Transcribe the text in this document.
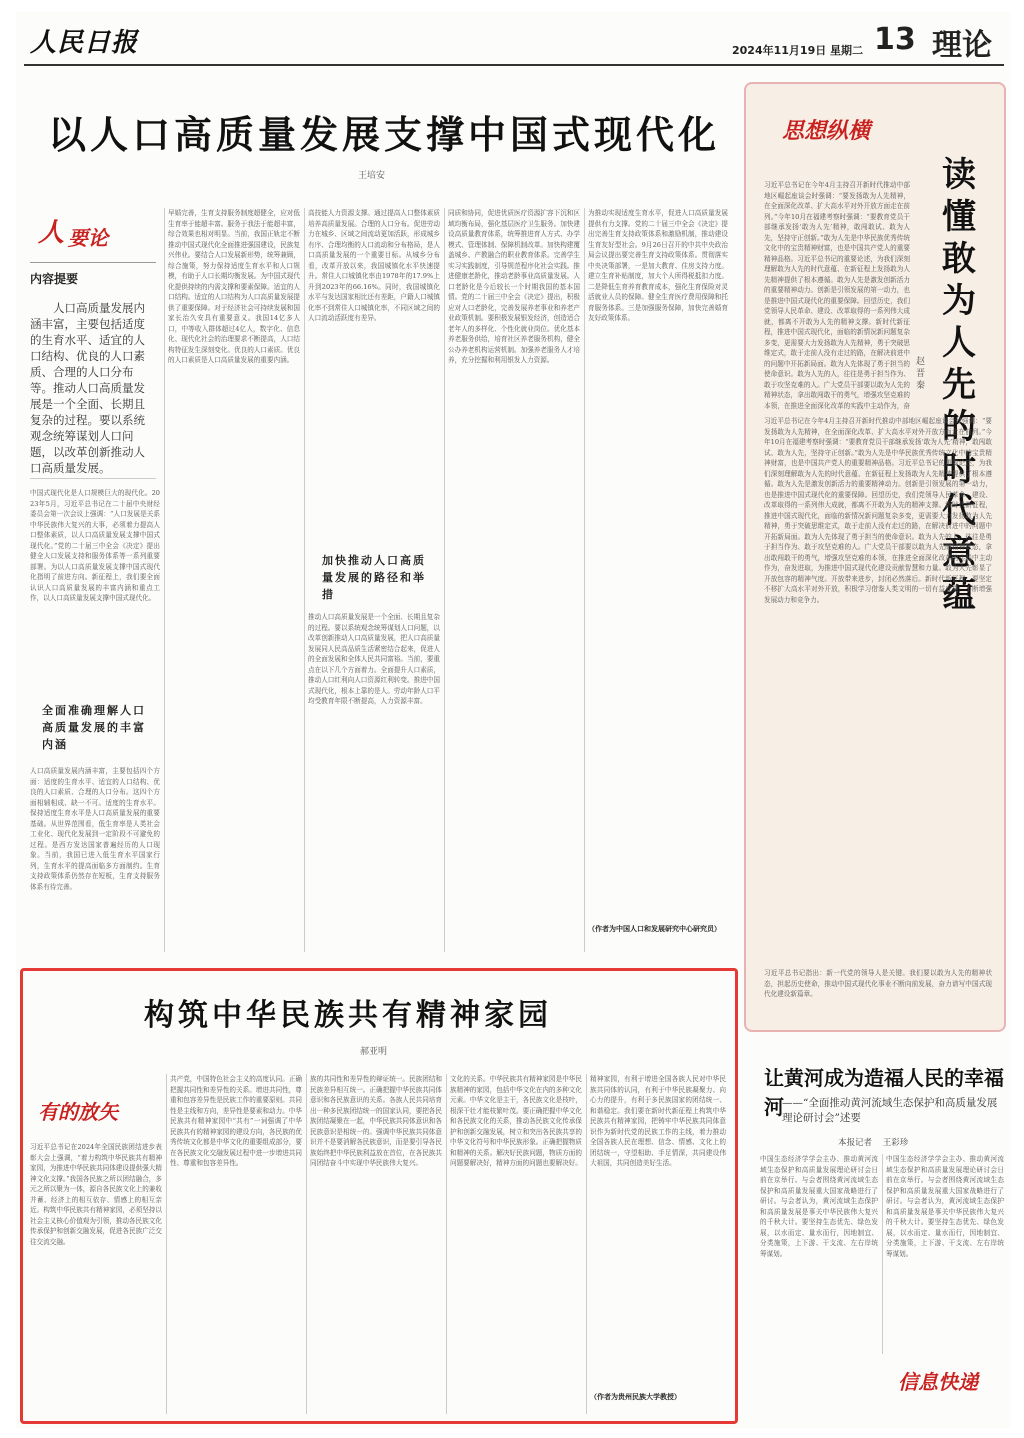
人民日报	2024年11月19日 星期二 13 理论
以人口高质量发展支撑中国式现代化
王培安
人 要论
内容提要
人口高质量发展内涵丰富，主要包括适度的生育水平、适宜的人口结构、优良的人口素质、合理的人口分布等。推动人口高质量发展是一个全面、长期且复杂的过程。要以系统观念统筹谋划人口问题，以改革创新推动人口高质量发展。
中国式现代化是人口规模巨大的现代化。2023年5月，习近平总书记在二十届中央财经委员会第一次会议上强调：“人口发展是关系中华民族伟大复兴的大事，必须着力提高人口整体素质，以人口高质量发展支撑中国式现代化。”党的二十届三中全会《决定》提出健全人口发展支持和服务体系等一系列重要部署。为以人口高质量发展支撑中国式现代化指明了前进方向。新征程上，我们要全面认识人口高质量发展的丰富内涵和重点工作，以人口高质量发展支撑中国式现代化。
全面准确理解人口高质量发展的丰富内涵
人口高质量发展内涵丰富，主要包括四个方面：适度的生育水平、适宜的人口结构、优良的人口素质、合理的人口分布。这四个方面相辅相成、缺一不可。适度的生育水平。保持适度生育水平是人口高质量发展的重要基础。从世界范围看，低生育率是人类社会工业化、现代化发展到一定阶段不可避免的过程。是西方发达国家普遍经历的人口现象。当前，我国已进入低生育水平国家行列，生育水平的提高面临多方面制约。生育支持政策体系仍然存在短板，生育支持服务体系有待完善。
早婚完善，生育支持服务制度超健全，应对低生育率于能超丰富。服务于我法于能超丰富，综合效果也相对明显。当前，我国正轨定不断推动中国式现代化全面推进强国建设，民族复兴伟业。要结合人口发展新形势，统筹兼顾，综合施策，努力保持适度生育水平和人口规模，有助于人口长期均衡发展。为中国式现代化提供持续的内需支撑和要素保障。适宜的人口结构。适宜的人口结构为人口高质量发展提供了重要保障。对于经济社会可持续发展和国家长治久安具有重要意义。我国14亿多人口，中等收入群体超过4亿人，数字化、信息化、现代化社会的治理要求不断提高，人口结构特征发生深刻变化。优良的人口素质。优良的人口素质是人口高质量发展的重要内涵。
高技能人力资源支撑。通过提高人口整体素质培养高质量发展。合理的人口分布。促进劳动力在城乡、区域之间流动更加活跃，形成城乡有序、合理均衡的人口流动和分布格局，是人口高质量发展的一个重要目标。从城乡分布看，改革开放以来，我国城镇化水平快速提升。常住人口城镇化率由1978年的17.9%上升到2023年的66.16%。同时，我国城镇化水平与发达国家相比还有差距，户籍人口城镇化率不到常住人口城镇化率，不同区域之间的人口流动活跃度有差异。
加快推动人口高质量发展的路径和举措
推动人口高质量发展是一个全面、长期且复杂的过程。要以系统观念统筹谋划人口问题，以改革创新推动人口高质量发展，把人口高质量发展同人民高品质生活紧密结合起来，促进人的全面发展和全体人民共同富裕。当前，要重点在以下几个方面着力。全面提升人口素质，推动人口红利向人口资源红利转变。推进中国式现代化，根本上靠的是人。劳动年龄人口平均受教育年限不断提高，人力资源丰富。
同质和协同，促进优质医疗资源扩容下沉和区域均衡布局，强化基层医疗卫生服务。加快建设高质量教育体系，统筹推进育人方式、办学模式、管理体制、保障机制改革。加快构建覆盖城乡、产教融合的职业教育体系。完善学生实习实践制度，引导规范程序化社会实践。推进健康老龄化，推动老龄事业高质量发展。人口老龄化是今后较长一个时期我国的基本国情。党的二十届三中全会《决定》提出，积极应对人口老龄化，完善发展养老事业和养老产业政策机制。要积极发展银发经济，创造适合老年人的多样化、个性化就业岗位。优化基本养老服务供给，培育社区养老服务机构，健全公办养老机构运营机制。加强养老服务人才培养，充分挖掘和利用银发人力资源。
为推动实现适度生育水平，促进人口高质量发展提供有力支撑。党的二十届三中全会《决定》提出完善生育支持政策体系和激励机制，推动建设生育友好型社会。9月26日召开的中共中央政治局会议提出要完善生育支持政策体系。贯彻落实中央决策部署，一是加大教育、住房支持力度。建立生育补贴制度，加大个人所得税抵扣力度。二是降低生育养育教育成本，强化生育保险对灵活就业人员的保障。健全生育医疗费用保障和托育服务体系。三是加强服务保障，加快完善婚育友好政策体系。
（作者为中国人口和发展研究中心研究员）
思想纵横
读懂敢为人先的时代意蕴
赵晋秦
习近平总书记在今年4月主持召开新时代推动中部地区崛起座谈会时强调：“要发扬敢为人先精神，在全面深化改革、扩大高水平对外开放方面走在前列。”今年10月在福建考察时强调：“要教育党员干部继承发扬‘敢为人先’精神，敢闯敢试、敢为人先，坚持守正创新。”敢为人先是中华民族优秀传统文化中的宝贵精神财富，也是中国共产党人的重要精神品格。习近平总书记的重要论述，为我们深刻理解敢为人先的时代意蕴、在新征程上发扬敢为人先精神提供了根本遵循。敢为人先是激发创新活力的重要精神动力。创新是引领发展的第一动力，也是推进中国式现代化的重要保障。回望历史，我们党领导人民革命、建设、改革取得的一系列伟大成就，都离不开敢为人先的精神支撑。新时代新征程，推进中国式现代化，面临的新情况新问题复杂多变，更需要大力发扬敢为人先精神，勇于突破思维定式，敢于走前人没有走过的路，在解决前进中的问题中开拓新局面。敢为人先体现了勇于担当的使命意识。敢为人先的人，往往是勇于担当作为、敢于攻坚克难的人。广大党员干部要以敢为人先的精神状态，拿出敢闯敢干的勇气，增强攻坚克难的本领，在推进全面深化改革的实践中主动作为，奋
习近平总书记在今年4月主持召开新时代推动中部地区崛起座谈会时强调：“要发扬敢为人先精神，在全面深化改革、扩大高水平对外开放方面走在前列。”今年10月在福建考察时强调：“要教育党员干部继承发扬‘敢为人先’精神，敢闯敢试、敢为人先，坚持守正创新。”敢为人先是中华民族优秀传统文化中的宝贵精神财富，也是中国共产党人的重要精神品格。习近平总书记的重要论述，为我们深刻理解敢为人先的时代意蕴、在新征程上发扬敢为人先精神提供了根本遵循。敢为人先是激发创新活力的重要精神动力。创新是引领发展的第一动力，也是推进中国式现代化的重要保障。回望历史，我们党领导人民革命、建设、改革取得的一系列伟大成就，都离不开敢为人先的精神支撑。新时代新征程，推进中国式现代化，面临的新情况新问题复杂多变，更需要大力发扬敢为人先精神，勇于突破思维定式，敢于走前人没有走过的路，在解决前进中的问题中开拓新局面。敢为人先体现了勇于担当的使命意识。敢为人先的人，往往是勇于担当作为、敢于攻坚克难的人。广大党员干部要以敢为人先的精神状态，拿出敢闯敢干的勇气，增强攻坚克难的本领，在推进全面深化改革的实践中主动作为，奋发进取，为推进中国式现代化建设贡献智慧和力量。敢为人先彰显了开放包容的精神气度。开放带来进步，封闭必然落后。新时代新征程，要坚定不移扩大高水平对外开放，积极学习借鉴人类文明的一切有益成果，不断增强发展动力和竞争力。
习近平总书记指出：新一代党的领导人是关键。我们要以敢为人先的精神状态，担起历史使命，推动中国式现代化事业不断向前发展，奋力谱写中国式现代化建设新篇章。
构筑中华民族共有精神家园
郝亚明
有的放矢
习近平总书记在2024年全国民族团结进步表彰大会上强调，“着力构筑中华民族共有精神家园，为推进中华民族共同体建设提供强大精神文化支撑。”我国各民族之所以团结融合，多元之所以聚为一体，源自各民族文化上的兼收并蓄、经济上的相互依存、情感上的相互亲近。构筑中华民族共有精神家园，必须坚持以社会主义核心价值观为引领，推动各民族文化传承保护和创新交融发展，促进各民族广泛交往交流交融。
共产党，中国特色社会主义的高度认同。正确把握共同性和差异性的关系。增进共同性，尊重和包容差异性是民族工作的重要原则。共同性是主线和方向，差异性是要素和动力。中华民族共有精神家园中“共有”一词强调了中华民族共有的精神家园的建设方向，各民族的优秀传统文化都是中华文化的重要组成部分，要在各民族文化交融发展过程中进一步增进共同性、尊重和包容差异性。
族的共同性和差异性的辩证统一。民族团结和民族差异相互统一。正确把握中华民族共同体意识和各民族意识的关系。各族人民共同培育出一种多民族团结统一的国家认同，要把各民族团结凝聚在一起，中华民族共同体意识和各民族意识是相统一的。强调中华民族共同体意识并不是要消解各民族意识，而是要引导各民族始终把中华民族利益放在首位，在各民族共同团结奋斗中实现中华民族伟大复兴。
文化的关系。中华民族共有精神家园是中华民族精神的家园，包括中华文化在内的多种文化元素。中华文化是主干，各民族文化是枝叶，根深干壮才能枝繁叶茂。要正确把握中华文化和各民族文化的关系，推动各民族文化传承保护和创新交融发展，树立和突出各民族共享的中华文化符号和中华民族形象。正确把握物质和精神的关系。解决好民族问题，物质方面的问题要解决好，精神方面的问题也要解决好。
精神家园，有利于增进全国各族人民对中华民族共同体的认同，有利于中华民族凝聚力、向心力的提升，有利于多民族国家的团结统一、和谐稳定。我们要在新时代新征程上构筑中华民族共有精神家园，把铸牢中华民族共同体意识作为新时代党的民族工作的主线，着力推动全国各族人民在理想、信念、情感、文化上的团结统一，守望相助、手足情深，共同建设伟大祖国，共同创造美好生活。
（作者为贵州民族大学教授）
让黄河成为造福人民的幸福河
——“全面推动黄河流域生态保护和高质量发展理论研讨会”述要
本报记者 王彩珍
中国生态经济学学会主办、推动黄河流域生态保护和高质量发展理论研讨会日前在京举行。与会者围绕黄河流域生态保护和高质量发展重大国家战略进行了研讨。与会者认为，黄河流域生态保护和高质量发展是事关中华民族伟大复兴的千秋大计。要坚持生态优先、绿色发展，以水而定、量水而行，因地制宜、分类施策，上下游、干支流、左右岸统筹谋划。
中国生态经济学学会主办、推动黄河流域生态保护和高质量发展理论研讨会日前在京举行。与会者围绕黄河流域生态保护和高质量发展重大国家战略进行了研讨。与会者认为，黄河流域生态保护和高质量发展是事关中华民族伟大复兴的千秋大计。要坚持生态优先、绿色发展，以水而定、量水而行，因地制宜、分类施策，上下游、干支流、左右岸统筹谋划。
信息快递
